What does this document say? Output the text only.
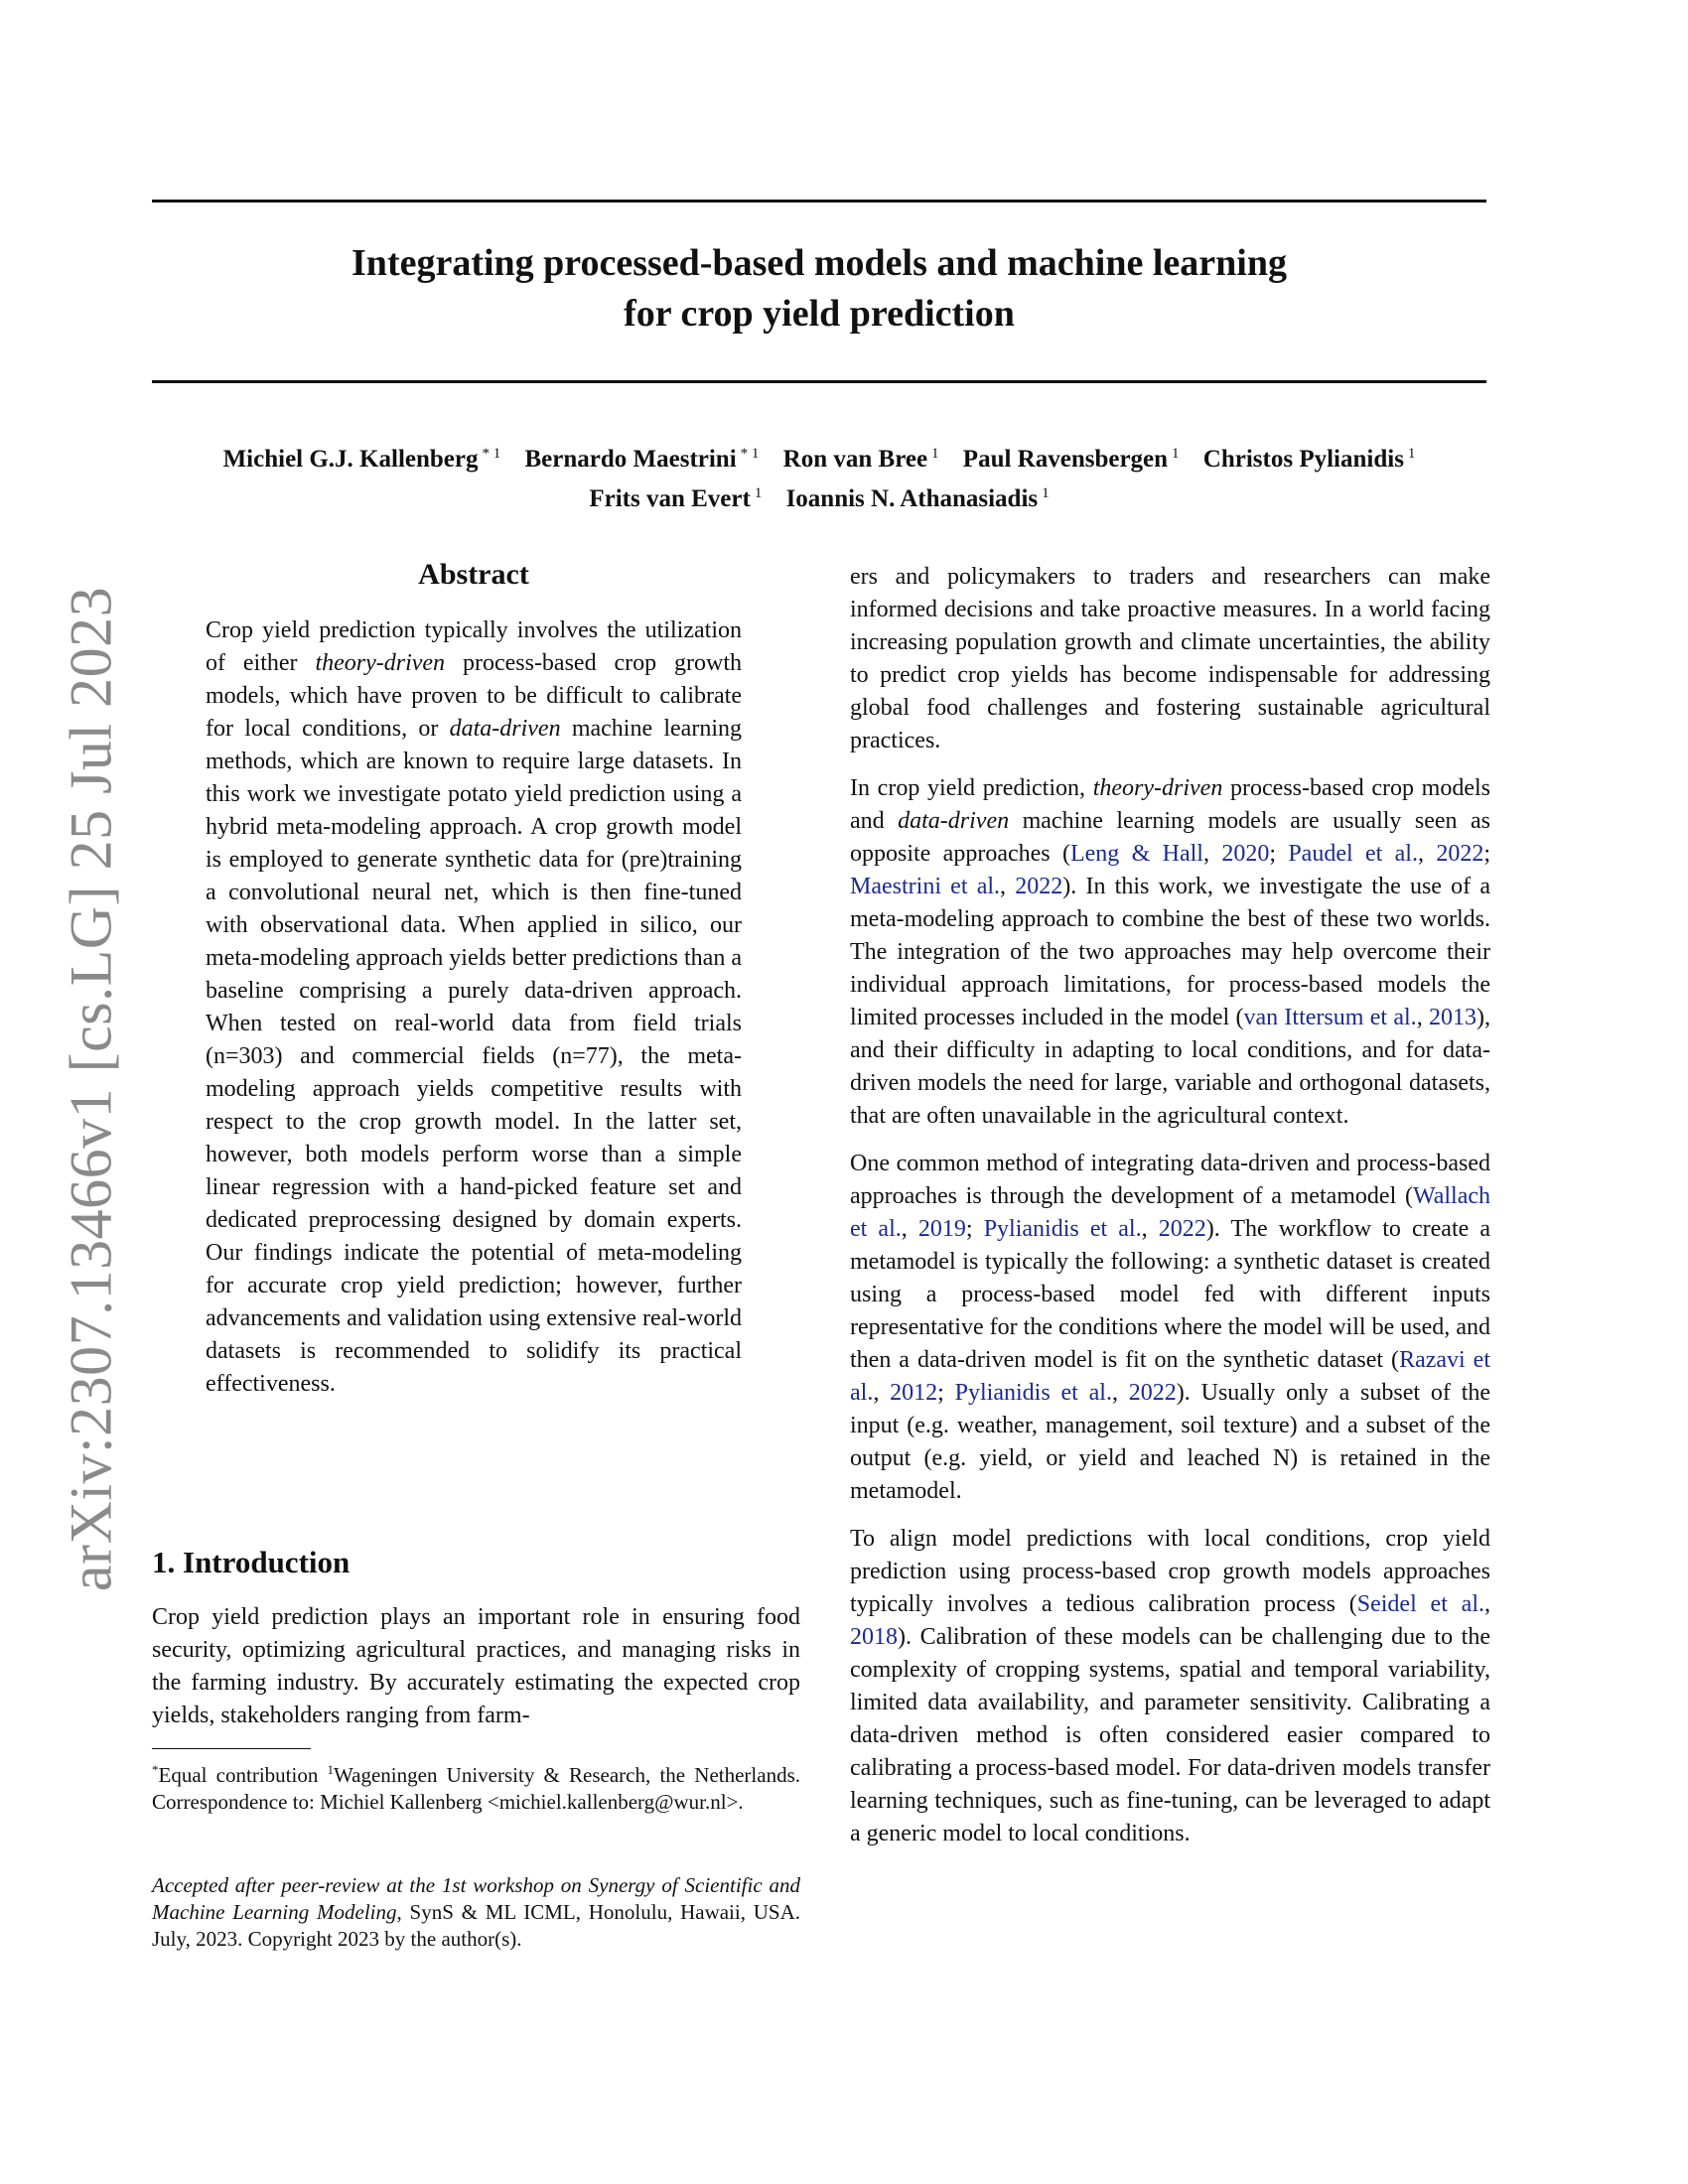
arXiv:2307.13466v1 [cs.LG] 25 Jul 2023
Integrating processed-based models and machine learning
for crop yield prediction
Michiel G.J. Kallenberg $^{* 1}$ Bernardo Maestrini $^{* 1}$ Ron van Bree $^1$ Paul Ravensbergen $^1$ Christos Pylianidis $^1$
Frits van Evert $^1$ Ioannis N. Athanasiadis $^1$
Abstract
Crop yield prediction typically involves the utilization of either theory-driven process-based crop growth models, which have proven to be difficult to calibrate for local conditions, or data-driven machine learning methods, which are known to require large datasets. In this work we investigate potato yield prediction using a hybrid meta-modeling approach. A crop growth model is employed to generate synthetic data for (pre)training a convolutional neural net, which is then fine-tuned with observational data. When applied in silico, our meta-modeling approach yields better predictions than a baseline comprising a purely data-driven approach. When tested on real-world data from field trials (n=303) and commercial fields (n=77), the meta-modeling approach yields competitive results with respect to the crop growth model. In the latter set, however, both models perform worse than a simple linear regression with a hand-picked feature set and dedicated preprocessing designed by domain experts. Our findings indicate the potential of meta-modeling for accurate crop yield prediction; however, further advancements and validation using extensive real-world datasets is recommended to solidify its practical effectiveness.
1. Introduction
Crop yield prediction plays an important role in ensuring food security, optimizing agricultural practices, and managing risks in the farming industry. By accurately estimating the expected crop yields, stakeholders ranging from farm-
*Equal contribution $^1$Wageningen University & Research, the Netherlands. Correspondence to: Michiel Kallenberg <michiel.kallenberg@wur.nl>.
Accepted after peer-review at the 1st workshop on Synergy of Scientific and Machine Learning Modeling, SynS & ML ICML, Honolulu, Hawaii, USA. July, 2023. Copyright 2023 by the author(s).

ers and policymakers to traders and researchers can make informed decisions and take proactive measures. In a world facing increasing population growth and climate uncertainties, the ability to predict crop yields has become indispensable for addressing global food challenges and fostering sustainable agricultural practices.

In crop yield prediction, theory-driven process-based crop models and data-driven machine learning models are usually seen as opposite approaches (Leng & Hall, 2020; Paudel et al., 2022; Maestrini et al., 2022). In this work, we investigate the use of a meta-modeling approach to combine the best of these two worlds. The integration of the two approaches may help overcome their individual approach limitations, for process-based models the limited processes included in the model (van Ittersum et al., 2013), and their difficulty in adapting to local conditions, and for data-driven models the need for large, variable and orthogonal datasets, that are often unavailable in the agricultural context.

One common method of integrating data-driven and process-based approaches is through the development of a metamodel (Wallach et al., 2019; Pylianidis et al., 2022). The workflow to create a metamodel is typically the following: a synthetic dataset is created using a process-based model fed with different inputs representative for the conditions where the model will be used, and then a data-driven model is fit on the synthetic dataset (Razavi et al., 2012; Pylianidis et al., 2022). Usually only a subset of the input (e.g. weather, management, soil texture) and a subset of the output (e.g. yield, or yield and leached N) is retained in the metamodel.

To align model predictions with local conditions, crop yield prediction using process-based crop growth models approaches typically involves a tedious calibration process (Seidel et al., 2018). Calibration of these models can be challenging due to the complexity of cropping systems, spatial and temporal variability, limited data availability, and parameter sensitivity. Calibrating a data-driven method is often considered easier compared to calibrating a process-based model. For data-driven models transfer learning techniques, such as fine-tuning, can be leveraged to adapt a generic model to local conditions.
